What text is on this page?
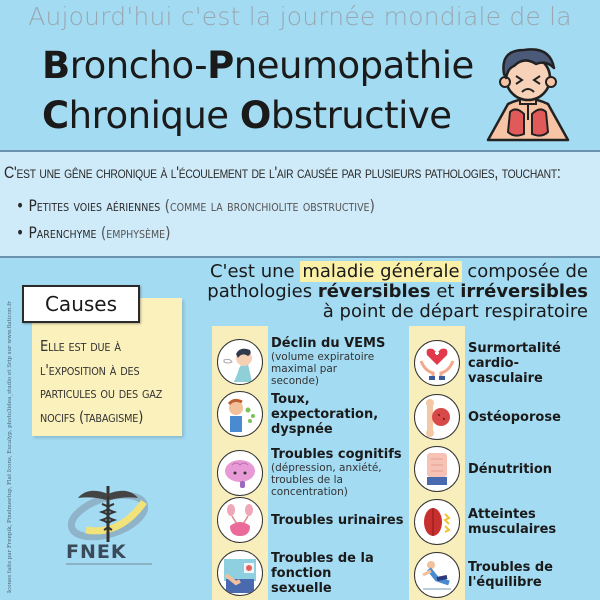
Aujourd'hui c'est la journée mondiale de la
Broncho-Pneumopathie
Chronique Obstructive
C'est une gêne chronique à l'écoulement de l'air causée par plusieurs pathologies, touchant:
• Petites voies aériennes (comme la bronchiolite obstructive)
• Parenchyme (emphysème)
C'est une maladie générale composée de
pathologies réversibles et irréversibles
à point de départ respiratoire
Causes
Elle est due à l'exposition à des particules ou des gaz nocifs (tabagisme)
Icones faits par Freepik, Pixelmeetup, Flat Icons, Eucalyp, photo3idea_studio et Srip sur www.flaticon.fr	FNEK
Déclin du VEMS
(volume expiratoire maximal par seconde)
Toux, expectoration, dyspnée
Troubles cognitifs
(dépression, anxiété, troubles de la concentration)
Troubles urinaires
Troubles de la fonction sexuelle
Surmortalité cardio-vasculaire
Ostéoporose
Dénutrition
Atteintes musculaires
Troubles de l'équilibre
